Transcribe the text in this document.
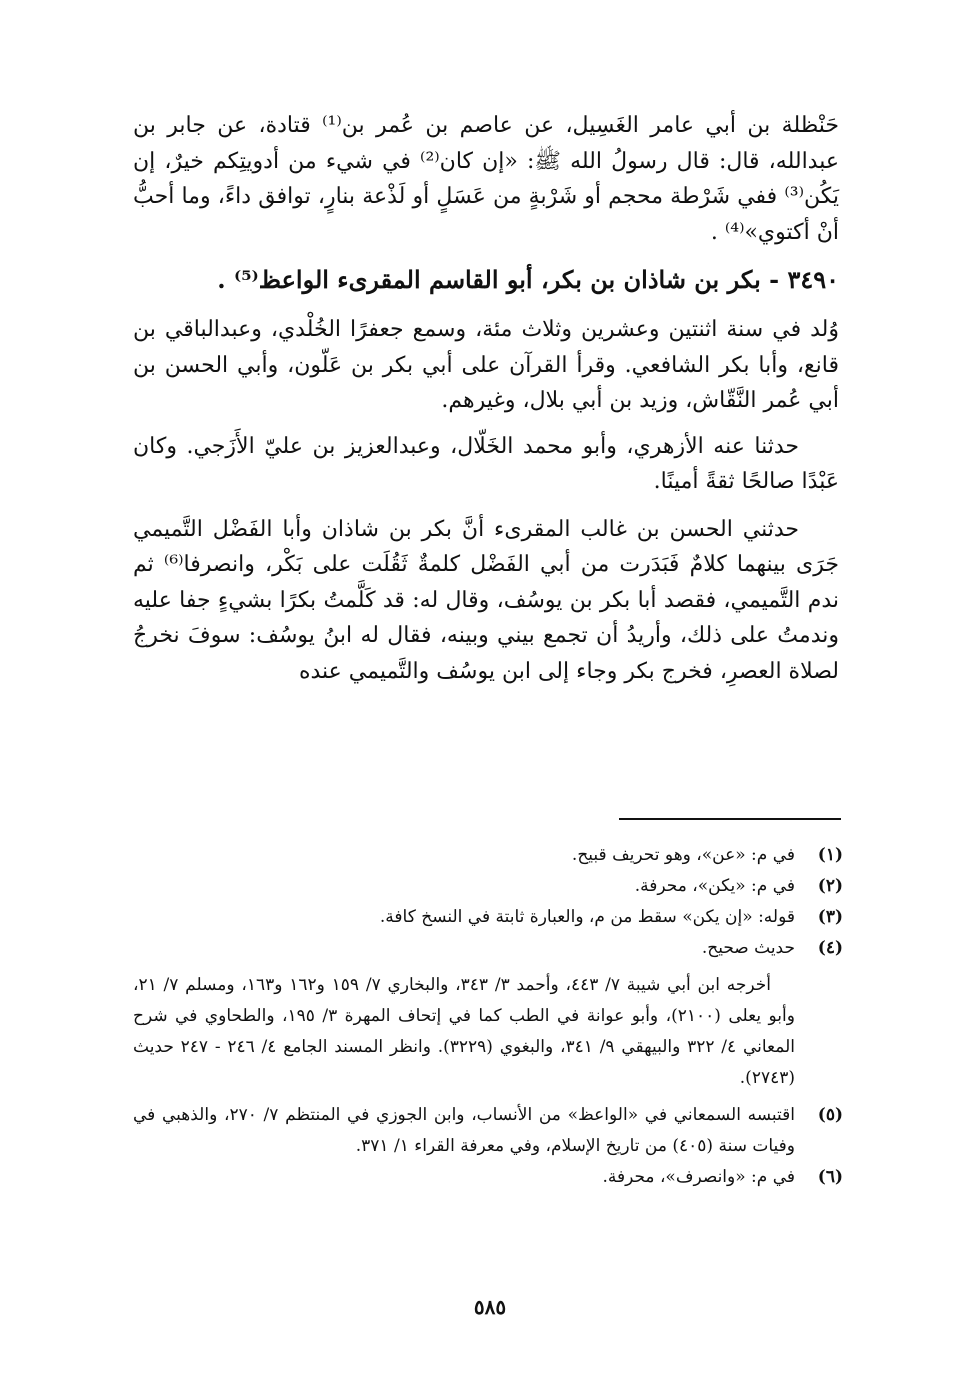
حَنْظلة بن أبي عامر الغَسِيل، عن عاصم بن عُمر بن⁽¹⁾ قتادة، عن جابر بن عبدالله، قال: قال رسولُ الله ﷺ: «إن كان⁽²⁾ في شيء من أدويتِكم خيرٌ، إن يَكُن⁽³⁾ ففي شَرْطة محجم أو شَرْبةٍ من عَسَلٍ أو لَذْعة بنارٍ، توافق داءً، وما أحبُّ أنْ أكتوي»⁽⁴⁾ .

٣٤٩٠ - بكر بن شاذان بن بكر، أبو القاسم المقرىء الواعظ⁽⁵⁾ .

وُلد في سنة اثنتين وعشرين وثلاث مئة، وسمع جعفرًا الخُلْدي، وعبدالباقي بن قانع، وأبا بكر الشافعي. وقرأ القرآن على أبي بكر بن عَلّون، وأبي الحسن بن أبي عُمر النَّقّاش، وزيد بن أبي بلال، وغيرهم.

حدثنا عنه الأزهري، وأبو محمد الخَلّال، وعبدالعزيز بن عليّ الأَزَجي. وكان عَبْدًا صالحًا ثقةً أمينًا.

حدثني الحسن بن غالب المقرىء أنَّ بكر بن شاذان وأبا الفَضْل التَّميمي جَرَى بينهما كلامٌ فَبَدَرت من أبي الفَضْل كلمةٌ ثَقُلَت على بَكْر، وانصرفا⁽⁶⁾ ثم ندم التَّميمي، فقصد أبا بكر بن يوسُف، وقال له: قد كَلَّمتُ بكرًا بشيءٍ جفا عليه وندمتُ على ذلك، وأريدُ أن تجمع بيني وبينه، فقال له ابنُ يوسُف: سوفَ نخرجُ لصلاة العصرِ، فخرج بكر وجاء إلى ابن يوسُف والتَّميمي عنده

(١)
في م: «عن»، وهو تحريف قبيح.
(٢)
في م: «يكن»، محرفة.
(٣)
قوله: «إن يكن» سقط من م، والعبارة ثابتة في النسخ كافة.
(٤)
حديث صحيح.

أخرجه ابن أبي شيبة ٧/ ٤٤٣، وأحمد ٣/ ٣٤٣، والبخاري ٧/ ١٥٩ و١٦٢ و١٦٣، ومسلم ٧/ ٢١، وأبو يعلى (٢١٠٠)، وأبو عوانة في الطب كما في إتحاف المهرة ٣/ ١٩٥، والطحاوي في شرح المعاني ٤/ ٣٢٢ والبيهقي ٩/ ٣٤١، والبغوي (٣٢٢٩). وانظر المسند الجامع ٤/ ٢٤٦ - ٢٤٧ حديث (٢٧٤٣).

(٥)
اقتبسه السمعاني في «الواعظ» من الأنساب، وابن الجوزي في المنتظم ٧/ ٢٧٠، والذهبي في وفيات سنة (٤٠٥) من تاريخ الإسلام، وفي معرفة القراء ١/ ٣٧١.
(٦)
في م: «وانصرف»، محرفة.
٥٨٥
